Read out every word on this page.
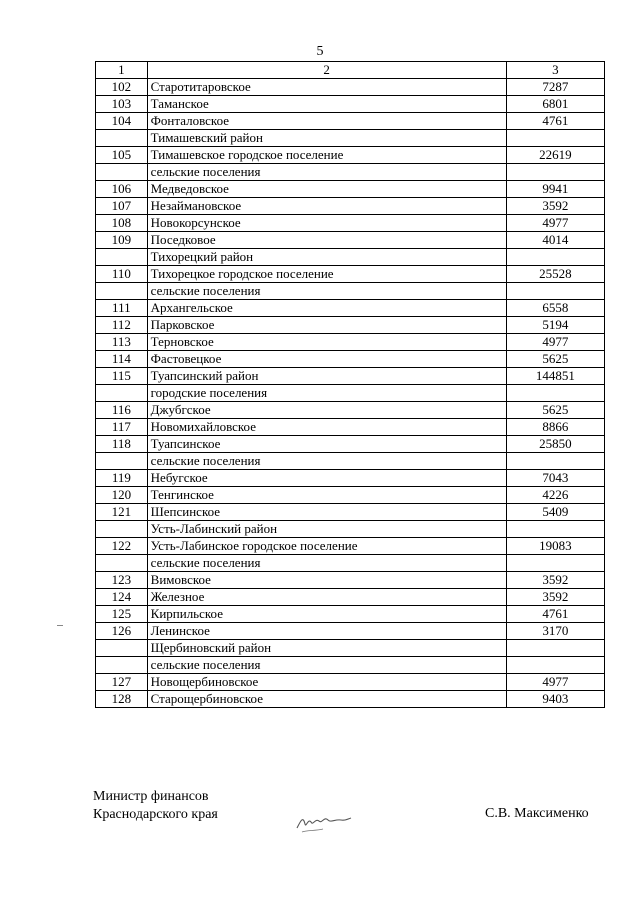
5
1	2	3
102	Старотитаровское	7287
103	Таманское	6801
104	Фонталовское	4761
	Тимашевский район	
105	Тимашевское городское поселение	22619
	сельские поселения	
106	Медведовское	9941
107	Незаймановское	3592
108	Новокорсунское	4977
109	Поседковое	4014
	Тихорецкий район	
110	Тихорецкое городское поселение	25528
	сельские поселения	
111	Архангельское	6558
112	Парковское	5194
113	Терновское	4977
114	Фастовецкое	5625
115	Туапсинский район	144851
	городские поселения	
116	Джубгское	5625
117	Новомихайловское	8866
118	Туапсинское	25850
	сельские поселения	
119	Небугское	7043
120	Тенгинское	4226
121	Шепсинское	5409
	Усть-Лабинский район	
122	Усть-Лабинское городское поселение	19083
	сельские поселения	
123	Вимовское	3592
124	Железное	3592
125	Кирпильское	4761
126	Ленинское	3170
	Щербиновский район	
	сельские поселения	
127	Новощербиновское	4977
128	Старощербиновское	9403
Министр финансов
Краснодарского края	С.В. Максименко
